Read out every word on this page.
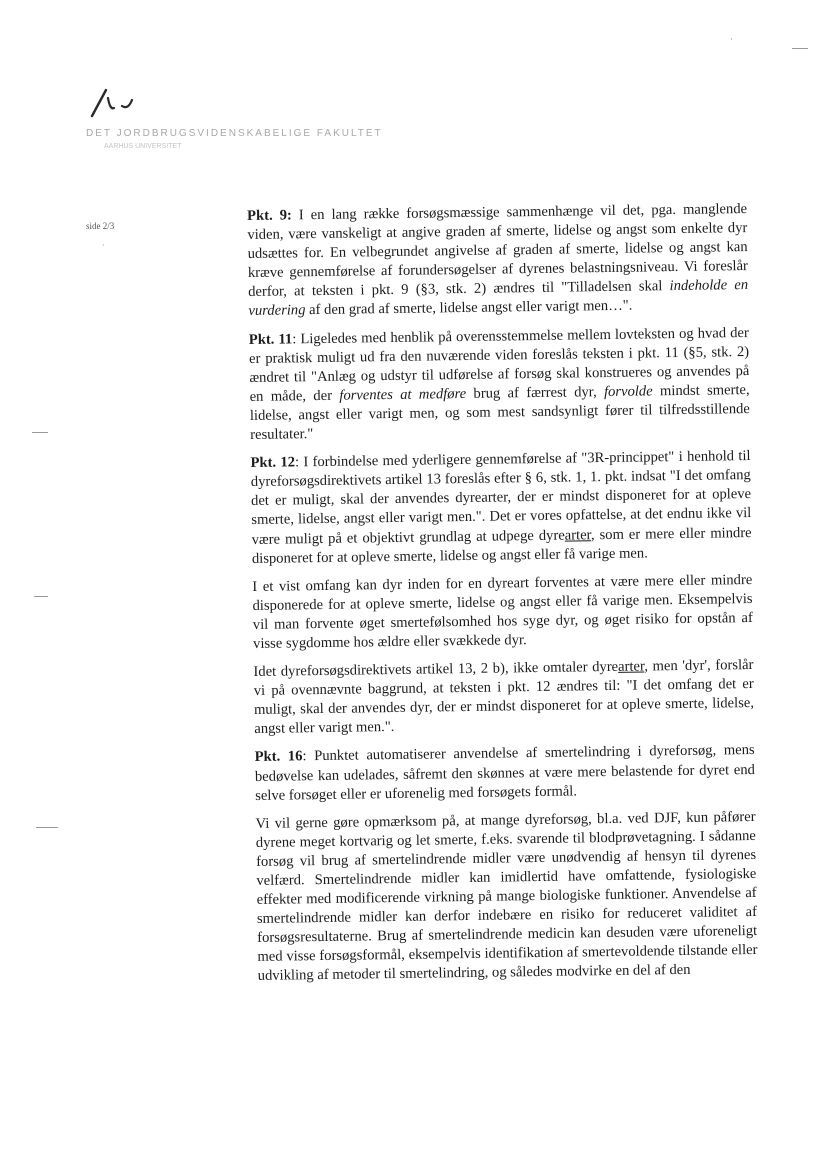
DET JORDBRUGSVIDENSKABELIGE FAKULTET
AARHUS UNIVERSITET
·
side 2/3
·

Pkt. 9: I en lang række forsøgsmæssige sammenhænge vil det, pga. manglende viden, være vanskeligt at angive graden af smerte, lidelse og angst som enkelte dyr udsættes for. En velbegrundet angivelse af graden af smerte, lidelse og angst kan kræve gennemførelse af forundersøgelser af dyrenes belastningsniveau. Vi foreslår derfor, at teksten i pkt. 9 (§3, stk. 2) ændres til "Tilladelsen skal indeholde en vurdering af den grad af smerte, lidelse angst eller varigt men…".

Pkt. 11: Ligeledes med henblik på overensstemmelse mellem lovteksten og hvad der er praktisk muligt ud fra den nuværende viden foreslås teksten i pkt. 11 (§5, stk. 2) ændret til "Anlæg og udstyr til udførelse af forsøg skal konstrueres og anvendes på en måde, der forventes at medføre brug af færrest dyr, forvolde mindst smerte, lidelse, angst eller varigt men, og som mest sandsynligt fører til tilfredsstillende resultater."

Pkt. 12: I forbindelse med yderligere gennemførelse af "3R-princippet" i henhold til dyreforsøgsdirektivets artikel 13 foreslås efter § 6, stk. 1, 1. pkt. indsat "I det omfang det er muligt, skal der anvendes dyrearter, der er mindst disponeret for at opleve smerte, lidelse, angst eller varigt men.". Det er vores opfattelse, at det endnu ikke vil være muligt på et objektivt grundlag at udpege dyrearter, som er mere eller mindre disponeret for at opleve smerte, lidelse og angst eller få varige men.

I et vist omfang kan dyr inden for en dyreart forventes at være mere eller mindre disponerede for at opleve smerte, lidelse og angst eller få varige men. Eksempelvis vil man forvente øget smertefølsomhed hos syge dyr, og øget risiko for opstån af visse sygdomme hos ældre eller svækkede dyr.

Idet dyreforsøgsdirektivets artikel 13, 2 b), ikke omtaler dyrearter, men 'dyr', forslår vi på ovennævnte baggrund, at teksten i pkt. 12 ændres til: "I det omfang det er muligt, skal der anvendes dyr, der er mindst disponeret for at opleve smerte, lidelse, angst eller varigt men.".

Pkt. 16: Punktet automatiserer anvendelse af smertelindring i dyreforsøg, mens bedøvelse kan udelades, såfremt den skønnes at være mere belastende for dyret end selve forsøget eller er uforenelig med forsøgets formål.

Vi vil gerne gøre opmærksom på, at mange dyreforsøg, bl.a. ved DJF, kun påfører dyrene meget kortvarig og let smerte, f.eks. svarende til blodprøvetagning. I sådanne forsøg vil brug af smertelindrende midler være unødvendig af hensyn til dyrenes velfærd. Smertelindrende midler kan imidlertid have omfattende, fysiologiske effekter med modificerende virkning på mange biologiske funktioner. Anvendelse af smertelindrende midler kan derfor indebære en risiko for reduceret validitet af forsøgsresultaterne. Brug af smertelindrende medicin kan desuden være uforeneligt med visse forsøgsformål, eksempelvis identifikation af smertevoldende tilstande eller udvikling af metoder til smertelindring, og således modvirke en del af den
